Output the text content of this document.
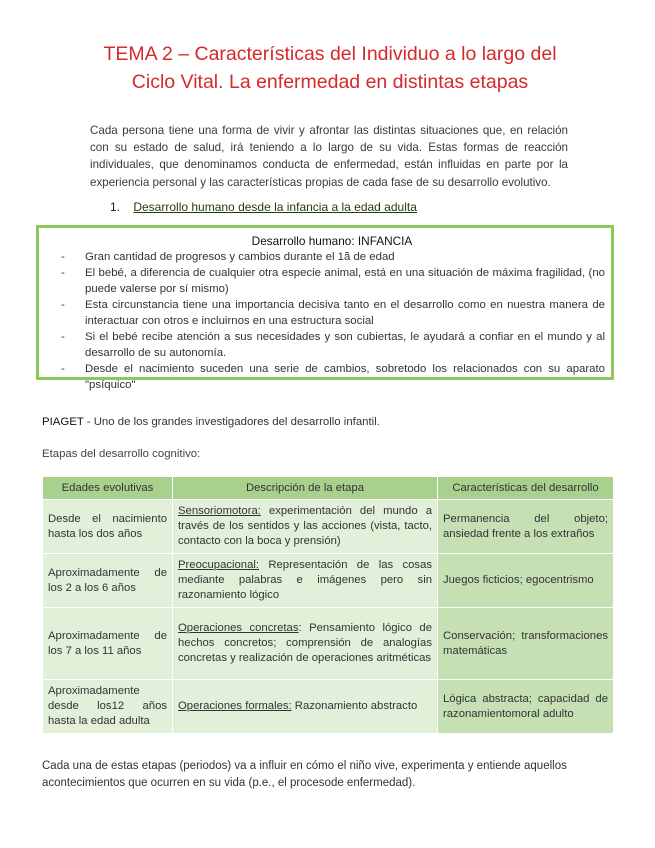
TEMA 2 – Características del Individuo a lo largo del
Ciclo Vital. La enfermedad en distintas etapas

Cada persona tiene una forma de vivir y afrontar las distintas situaciones que, en relación con su estado de salud, irá teniendo a lo largo de su vida. Estas formas de reacción individuales, que denominamos conducta de enfermedad, están influidas en parte por la experiencia personal y las características propias de cada fase de su desarrollo evolutivo.

1. Desarrollo humano desde la infancia a la edad adulta

Desarrollo humano: INFANCIA

- Gran cantidad de progresos y cambios durante el 1ã de edad
- El bebé, a diferencia de cualquier otra especie animal, está en una situación de máxima fragilidad, (no puede valerse por sí mismo)
- Esta circunstancia tiene una importancia decisiva tanto en el desarrollo como en nuestra manera de interactuar con otros e incluirnos en una estructura social
- Si el bebé recibe atención a sus necesidades y son cubiertas, le ayudará a confiar en el mundo y al desarrollo de su autonomía.
- Desde el nacimiento suceden una serie de cambios, sobretodo los relacionados con su aparato "psíquico"

PIAGET - Uno de los grandes investigadores del desarrollo infantil.

Etapas del desarrollo cognitivo:

Edades evolutivas	Descripción de la etapa	Características del desarrollo
Desde el nacimiento hasta los dos años	Sensoriomotora: experimentación del mundo a través de los sentidos y las acciones (vista, tacto, contacto con la boca y prensión)	Permanencia del objeto; ansiedad frente a los extraños
Aproximadamente de los 2 a los 6 años	Preocupacional: Representación de las cosas mediante palabras e imágenes pero sin razonamiento lógico	Juegos ficticios; egocentrismo
Aproximadamente de los 7 a los 11 años	Operaciones concretas: Pensamiento lógico de hechos concretos; comprensión de analogías concretas y realización de operaciones aritméticas	Conservación; transformaciones matemáticas
Aproximadamente desde los12 años hasta la edad adulta	Operaciones formales: Razonamiento abstracto	Lógica abstracta; capacidad de razonamientomoral adulto

Cada una de estas etapas (periodos) va a influir en cómo el niño vive, experimenta y entiende aquellos acontecimientos que ocurren en su vida (p.e., el procesode enfermedad).
